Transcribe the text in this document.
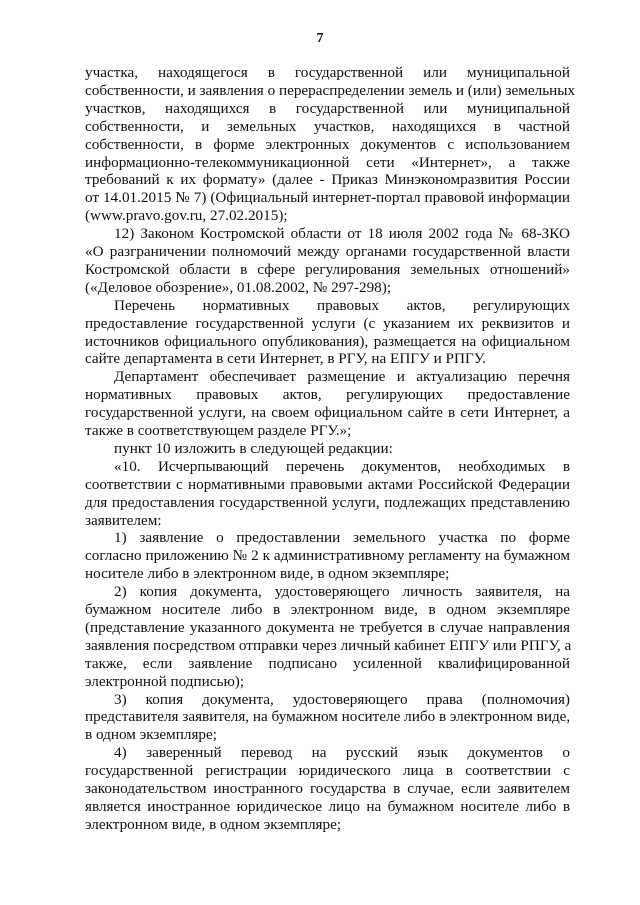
7
участка, находящегося в государственной или муниципальной
собственности, и заявления о перераспределении земель и (или) земельных
участков, находящихся в государственной или муниципальной
собственности, и земельных участков, находящихся в частной
собственности, в форме электронных документов с использованием
информационно-телекоммуникационной сети «Интернет», а также
требований к их формату» (далее - Приказ Минэкономразвития России
от 14.01.2015 № 7) (Официальный интернет-портал правовой информации
(www.pravo.gov.ru, 27.02.2015);
12) Законом Костромской области от 18 июля 2002 года № 68-ЗКО
«О разграничении полномочий между органами государственной власти
Костромской области в сфере регулирования земельных отношений»
(«Деловое обозрение», 01.08.2002, № 297-298);
Перечень нормативных правовых актов, регулирующих
предоставление государственной услуги (с указанием их реквизитов и
источников официального опубликования), размещается на официальном
сайте департамента в сети Интернет, в РГУ, на ЕПГУ и РПГУ.
Департамент обеспечивает размещение и актуализацию перечня
нормативных правовых актов, регулирующих предоставление
государственной услуги, на своем официальном сайте в сети Интернет, а
также в соответствующем разделе РГУ.»;
пункт 10 изложить в следующей редакции:
«10. Исчерпывающий перечень документов, необходимых в
соответствии с нормативными правовыми актами Российской Федерации
для предоставления государственной услуги, подлежащих представлению
заявителем:
1) заявление о предоставлении земельного участка по форме
согласно приложению № 2 к административному регламенту на бумажном
носителе либо в электронном виде, в одном экземпляре;
2) копия документа, удостоверяющего личность заявителя, на
бумажном носителе либо в электронном виде, в одном экземпляре
(представление указанного документа не требуется в случае направления
заявления посредством отправки через личный кабинет ЕПГУ или РПГУ, а
также, если заявление подписано усиленной квалифицированной
электронной подписью);
3) копия документа, удостоверяющего права (полномочия)
представителя заявителя, на бумажном носителе либо в электронном виде,
в одном экземпляре;
4) заверенный перевод на русский язык документов о
государственной регистрации юридического лица в соответствии с
законодательством иностранного государства в случае, если заявителем
является иностранное юридическое лицо на бумажном носителе либо в
электронном виде, в одном экземпляре;
